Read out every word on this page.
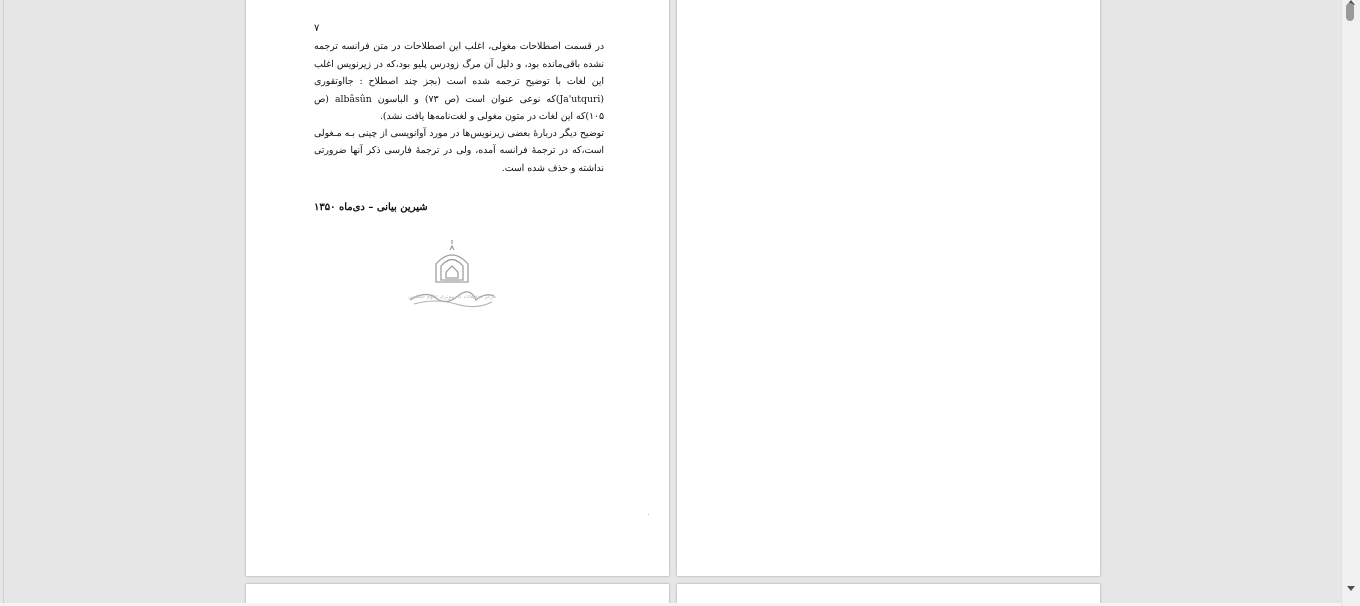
۷

در قسمت اصطلاحات مغولی، اغلب این اصطلاحات در متن فرانسه ترجمه نشده باقی‌مانده بود، و دلیل آن مرگ زودرس پلیو بود،که در زیرنویس اغلب این لغات با توضیح ترجمه شده است (بجز چند اصطلاح : جااوتقوری (Ja'utquri)که نوعی عنوان است (ص ۷۳) و الباسون albâsûn (ص ۱۰۵)که این لغات در متون مغولی و لغت‌نامه‌ها یافت نشد).

توضیح دیگر دربارهٔ بعضی زیرنویس‌ها در مورد آوانویسی از چینی بـه مـغولی است،که در ترجمهٔ فرانسه آمده، ولی در ترجمهٔ فارسی ذکر آنها ضرورتی نداشته و حذف شده است.

شیرین بیانی – دی‌ماه ۱۳۵۰
مرکز تحقیقات کامپیوتری علوم اسلامی
